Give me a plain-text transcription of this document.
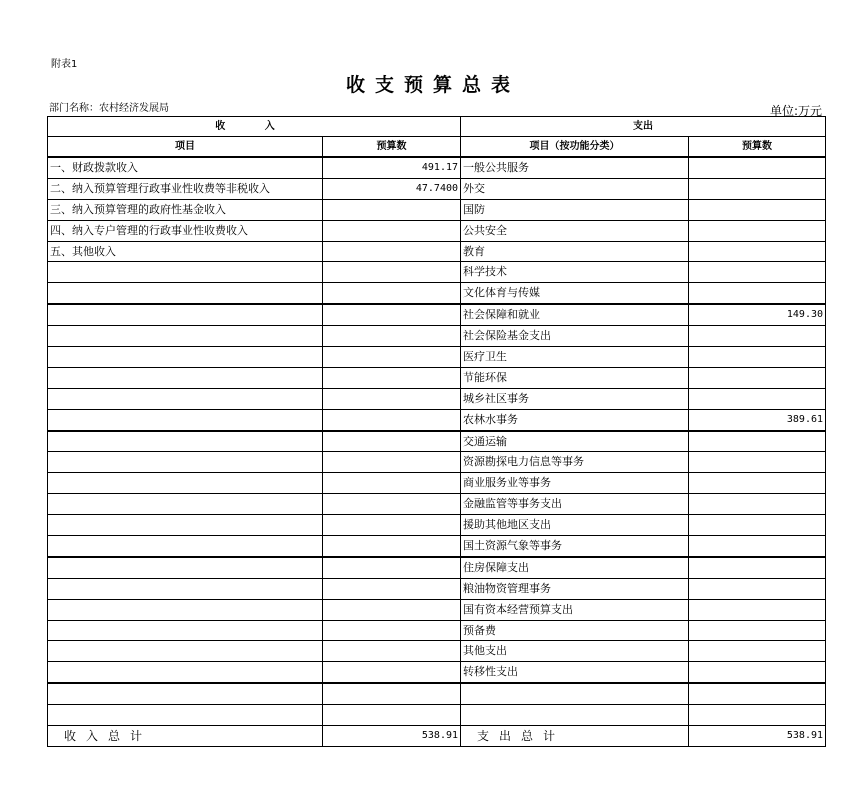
附表1
收支预算总表
部门名称：农村经济发展局	单位:万元
收 入		支出	
项目	预算数	项目（按功能分类）	预算数
一、财政拨款收入	491.17	一般公共服务	
二、纳入预算管理行政事业性收费等非税收入	47.7400	外交	
三、纳入预算管理的政府性基金收入		国防	
四、纳入专户管理的行政事业性收费收入		公共安全	
五、其他收入		教育	
		科学技术	
		文化体育与传媒	
		社会保障和就业	149.30
		社会保险基金支出	
		医疗卫生	
		节能环保	
		城乡社区事务	
		农林水事务	389.61
		交通运输	
		资源勘探电力信息等事务	
		商业服务业等事务	
		金融监管等事务支出	
		援助其他地区支出	
		国土资源气象等事务	
		住房保障支出	
		粮油物资管理事务	
		国有资本经营预算支出	
		预备费	
		其他支出	
		转移性支出	

收入总计	538.91	支出总计	538.91
